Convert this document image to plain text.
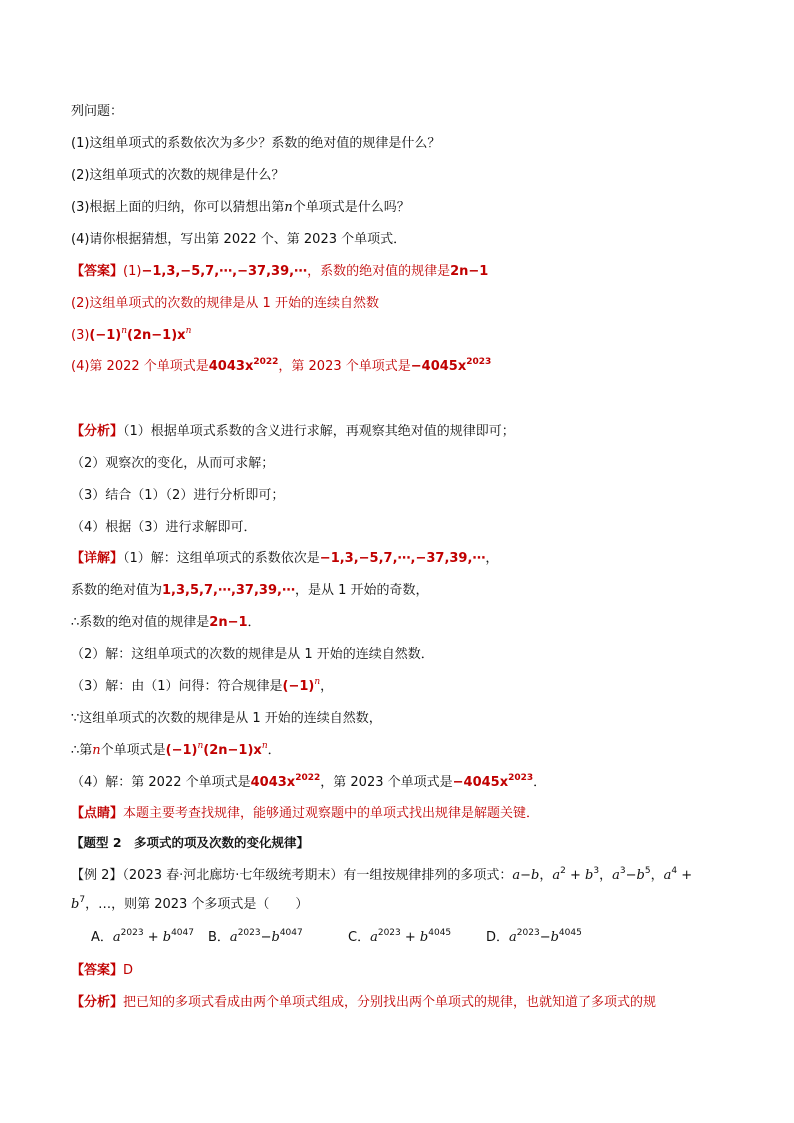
列问题：
(1)这组单项式的系数依次为多少？系数的绝对值的规律是什么？
(2)这组单项式的次数的规律是什么？
(3)根据上面的归纳，你可以猜想出第n个单项式是什么吗？
(4)请你根据猜想，写出第 2022 个、第 2023 个单项式．
【答案】(1)−1,3,−5,7,⋯,−37,39,⋯，系数的绝对值的规律是2n−1
(2)这组单项式的次数的规律是从 1 开始的连续自然数
$(3)(-1)^n(2n-1)x^n$
(4)第 2022 个单项式是$4043x^{2022}$，第 2023 个单项式是$-4045x^{2023}$
【分析】（1）根据单项式系数的含义进行求解，再观察其绝对值的规律即可；
（2）观察次的变化，从而可求解；
（3）结合（1）（2）进行分析即可；
（4）根据（3）进行求解即可．
【详解】（1）解：这组单项式的系数依次是−1,3,−5,7,⋯,−37,39,⋯，
系数的绝对值为1,3,5,7,⋯,37,39,⋯，是从 1 开始的奇数，
∴系数的绝对值的规律是2n−1．
（2）解：这组单项式的次数的规律是从 1 开始的连续自然数．
（3）解：由（1）问得：符合规律是$(-1)^n$，
∵这组单项式的次数的规律是从 1 开始的连续自然数，
∴第n个单项式是$(-1)^n(2n-1)x^n$．
（4）解：第 2022 个单项式是$4043x^{2022}$，第 2023 个单项式是$-4045x^{2023}$．
【点睛】本题主要考查找规律，能够通过观察题中的单项式找出规律是解题关键．
【题型 2　多项式的项及次数的变化规律】
【例 2】（2023 春·河北廊坊·七年级统考期末）有一组按规律排列的多项式：a−b，$a^2 + b^3$，$a^3-b^5$，$a^4$ +
$b^7$，…，则第 2023 个多项式是（　　）
A．$a^{2023} + b^{4047}$ B．$a^{2023}-b^{4047}$	C．$a^{2023} + b^{4045}$	D．$a^{2023}-b^{4045}$
【答案】D
【分析】把已知的多项式看成由两个单项式组成，分别找出两个单项式的规律，也就知道了多项式的规
